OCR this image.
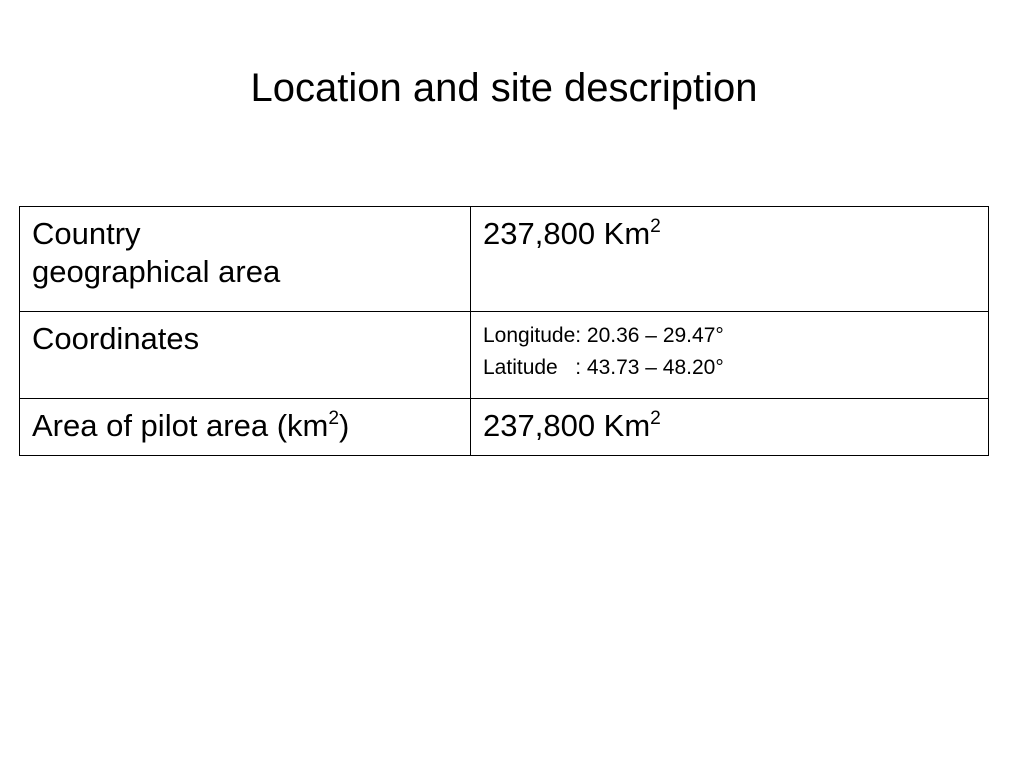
Location and site description
Country
geographical area	237,800 Km$^2$
Coordinates	Longitude: 20.36 – 29.47°
Latitude   : 43.73 – 48.20°

Area of pilot area $(km^2)$	237,800 Km$^2$
